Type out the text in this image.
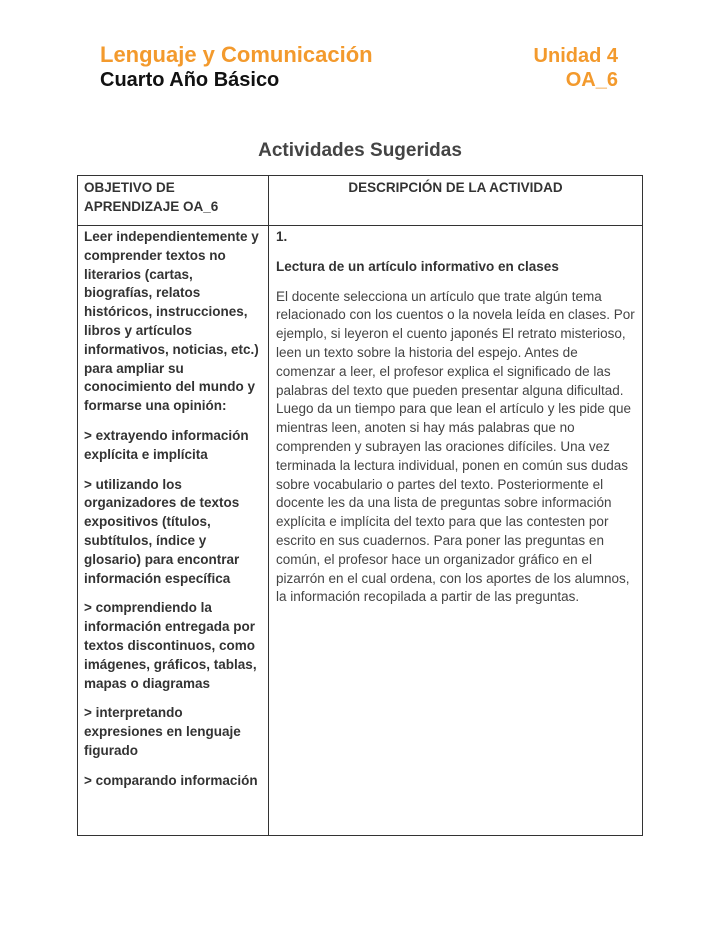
Lenguaje y Comunicación
Cuarto Año Básico
Unidad 4
OA_6
Actividades Sugeridas
OBJETIVO DE APRENDIZAJE OA_6
DESCRIPCIÓN DE LA ACTIVIDAD

Leer independientemente y comprender textos no literarios (cartas, biografías, relatos históricos, instrucciones, libros y artículos informativos, noticias, etc.) para ampliar su conocimiento del mundo y formarse una opinión:

> extrayendo información explícita e implícita

> utilizando los organizadores de textos expositivos (títulos, subtítulos, índice y glosario) para encontrar información específica

> comprendiendo la información entregada por textos discontinuos, como imágenes, gráficos, tablas, mapas o diagramas

> interpretando expresiones en lenguaje figurado

> comparando información

1.

Lectura de un artículo informativo en clases

El docente selecciona un artículo que trate algún tema relacionado con los cuentos o la novela leída en clases. Por ejemplo, si leyeron el cuento japonés El retrato misterioso, leen un texto sobre la historia del espejo. Antes de comenzar a leer, el profesor explica el significado de las palabras del texto que pueden presentar alguna dificultad. Luego da un tiempo para que lean el artículo y les pide que mientras leen, anoten si hay más palabras que no comprenden y subrayen las oraciones difíciles. Una vez terminada la lectura individual, ponen en común sus dudas sobre vocabulario o partes del texto. Posteriormente el docente les da una lista de preguntas sobre información explícita e implícita del texto para que las contesten por escrito en sus cuadernos. Para poner las preguntas en común, el profesor hace un organizador gráfico en el pizarrón en el cual ordena, con los aportes de los alumnos, la información recopilada a partir de las preguntas.
